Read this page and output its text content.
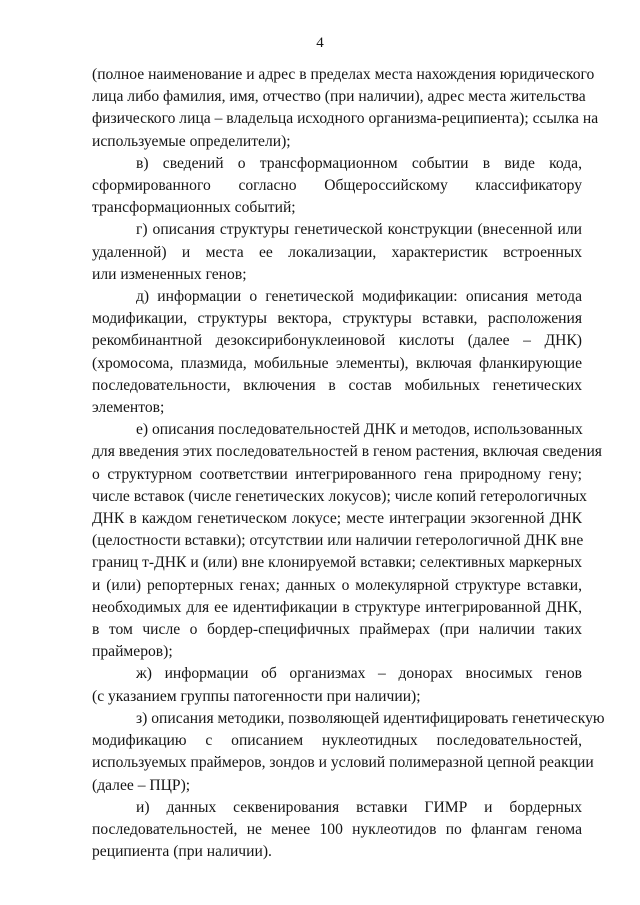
4

(полное наименование и адрес в пределах места нахождения юридического
лица либо фамилия, имя, отчество (при наличии), адрес места жительства
физического лица – владельца исходного организма-реципиента); ссылка на
используемые определители);

в) сведений о трансформационном событии в виде кода,
сформированного согласно Общероссийскому классификатору
трансформационных событий;

г) описания структуры генетической конструкции (внесенной или
удаленной) и места ее локализации, характеристик встроенных
или измененных генов;

д) информации о генетической модификации: описания метода
модификации, структуры вектора, структуры вставки, расположения
рекомбинантной дезоксирибонуклеиновой кислоты (далее – ДНК)
(хромосома, плазмида, мобильные элементы), включая фланкирующие
последовательности, включения в состав мобильных генетических
элементов;

е) описания последовательностей ДНК и методов, использованных
для введения этих последовательностей в геном растения, включая сведения
о структурном соответствии интегрированного гена природному гену;
числе вставок (числе генетических локусов); числе копий гетерологичных
ДНК в каждом генетическом локусе; месте интеграции экзогенной ДНК
(целостности вставки); отсутствии или наличии гетерологичной ДНК вне
границ т-ДНК и (или) вне клонируемой вставки; селективных маркерных
и (или) репортерных генах; данных о молекулярной структуре вставки,
необходимых для ее идентификации в структуре интегрированной ДНК,
в том числе о бордер-специфичных праймерах (при наличии таких
праймеров);

ж) информации об организмах – донорах вносимых генов
(с указанием группы патогенности при наличии);

з) описания методики, позволяющей идентифицировать генетическую
модификацию с описанием нуклеотидных последовательностей,
используемых праймеров, зондов и условий полимеразной цепной реакции
(далее – ПЦР);

и) данных секвенирования вставки ГИМР и бордерных
последовательностей, не менее 100 нуклеотидов по флангам генома
реципиента (при наличии).
